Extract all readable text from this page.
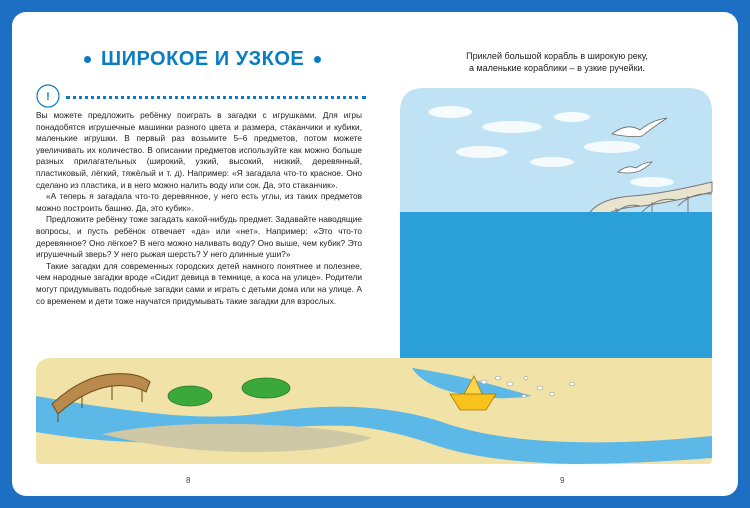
ШИРОКОЕ И УЗКОЕ
!

Вы можете предложить ребёнку поиграть в загадки с игрушками. Для игры понадобятся игрушечные машинки разного цвета и размера, стаканчики и кубики, маленькие игрушки. В первый раз возьмите 5–6 предметов, потом можете увеличивать их количество. В описании предметов используйте как можно больше разных прилагательных (широкий, узкий, высокий, низкий, деревянный, пластиковый, лёгкий, тяжёлый и т. д). Например: «Я загадала что-то красное. Оно сделано из пластика, и в него можно налить воду или сок. Да, это стаканчик».

«А теперь я загадала что-то деревянное, у него есть углы, из таких предметов можно построить башню. Да, это кубик».

Предложите ребёнку тоже загадать какой-нибудь предмет. Задавайте наводящие вопросы, и пусть ребёнок отвечает «да» или «нет». Например: «Это что-то деревянное? Оно лёгкое? В него можно наливать воду? Оно выше, чем кубик? Это игрушечный зверь? У него рыжая шерсть? У него длинные уши?»

Такие загадки для современных городских детей намного понятнее и полезнее, чем народные загадки вроде «Сидит девица в темнице, а коса на улице». Родители могут придумывать подобные загадки сами и играть с детьми дома или на улице. А со временем и дети тоже научатся придумывать такие загадки для взрослых.

Приклей большой корабль в широкую реку,
а маленькие кораблики – в узкие ручейки.
8	9
